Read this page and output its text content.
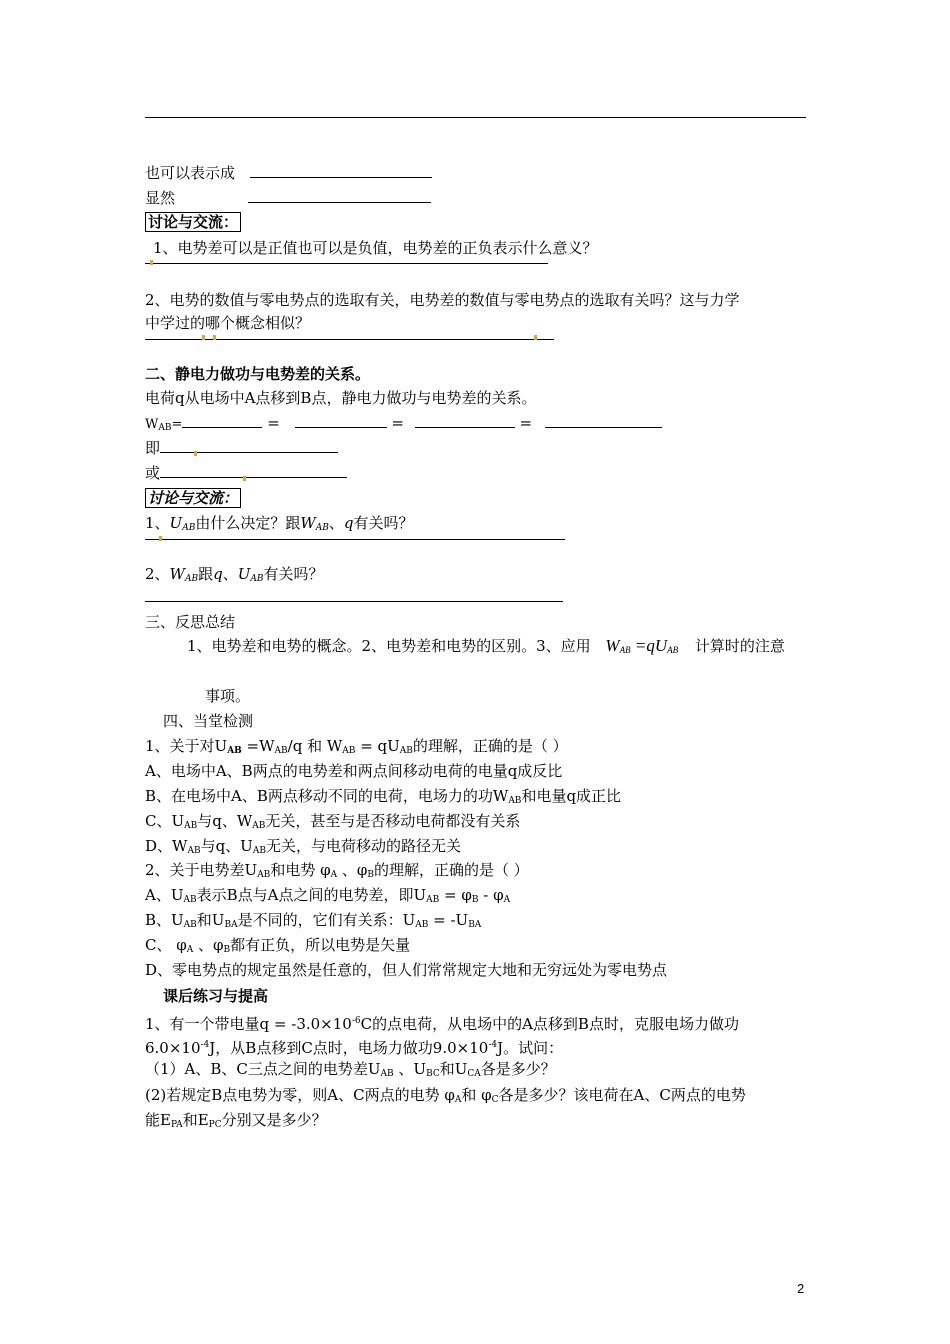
也可以表示成
显然
讨论与交流：
1、电势差可以是正值也可以是负值，电势差的正负表示什么意义？
2、电势的数值与零电势点的选取有关，电势差的数值与零电势点的选取有关吗？这与力学
中学过的哪个概念相似？
二、静电力做功与电势差的关系。
电荷q从电场中A点移到B点，静电力做功与电势差的关系。
$W_{AB}=$	=	=	=
即
或
讨论与交流：
1、$U_{AB}$由什么决定？跟$W_{AB}$、q有关吗？
2、$W_{AB}$跟q、$U_{AB}$有关吗？
三、反思总结
1、电势差和电势的概念。2、电势差和电势的区别。3、应用 $W_{AB} =qU_{AB}$ 计算时的注意
事项。
四、当堂检测
1、关于对$U_{AB} =W_{AB}/q$ 和 $W_{AB} = qU_{AB}$的理解，正确的是（ ）
A、电场中A、B两点的电势差和两点间移动电荷的电量q成反比
B、在电场中A、B两点移动不同的电荷，电场力的功$W_{AB}$和电量q成正比
C、$U_{AB}$与q、$W_{AB}$无关，甚至与是否移动电荷都没有关系
D、$W_{AB}$与q、$U_{AB}$无关，与电荷移动的路径无关
2、关于电势差$U_{AB}$和电势 $\varphi_A$ 、$\varphi_B$的理解，正确的是（ ）
A、$U_{AB}$表示B点与A点之间的电势差，即$U_{AB} = \varphi_B - \varphi_A$
B、$U_{AB}$和$U_{BA}$是不同的，它们有关系：$U_{AB} = -U_{BA}$
C、 $\varphi_A$ 、$\varphi_B$都有正负，所以电势是矢量
D、零电势点的规定虽然是任意的，但人们常常规定大地和无穷远处为零电势点
课后练习与提高
1、有一个带电量$q = -3.0\times 10^{-6}C$的点电荷，从电场中的A点移到B点时，克服电场力做功
$6.0\times 10^{-4}J$，从B点移到C点时，电场力做功$9.0\times 10^{-4}J$。试问：
（1）A、B、C三点之间的电势差$U_{AB}$ 、$U_{BC}$和$U_{CA}$各是多少？
(2)若规定B点电势为零，则A、C两点的电势 $\varphi_A$和 $\varphi_C$各是多少？该电荷在A、C两点的电势
能$E_{PA}$和$E_{PC}$分别又是多少？
2
